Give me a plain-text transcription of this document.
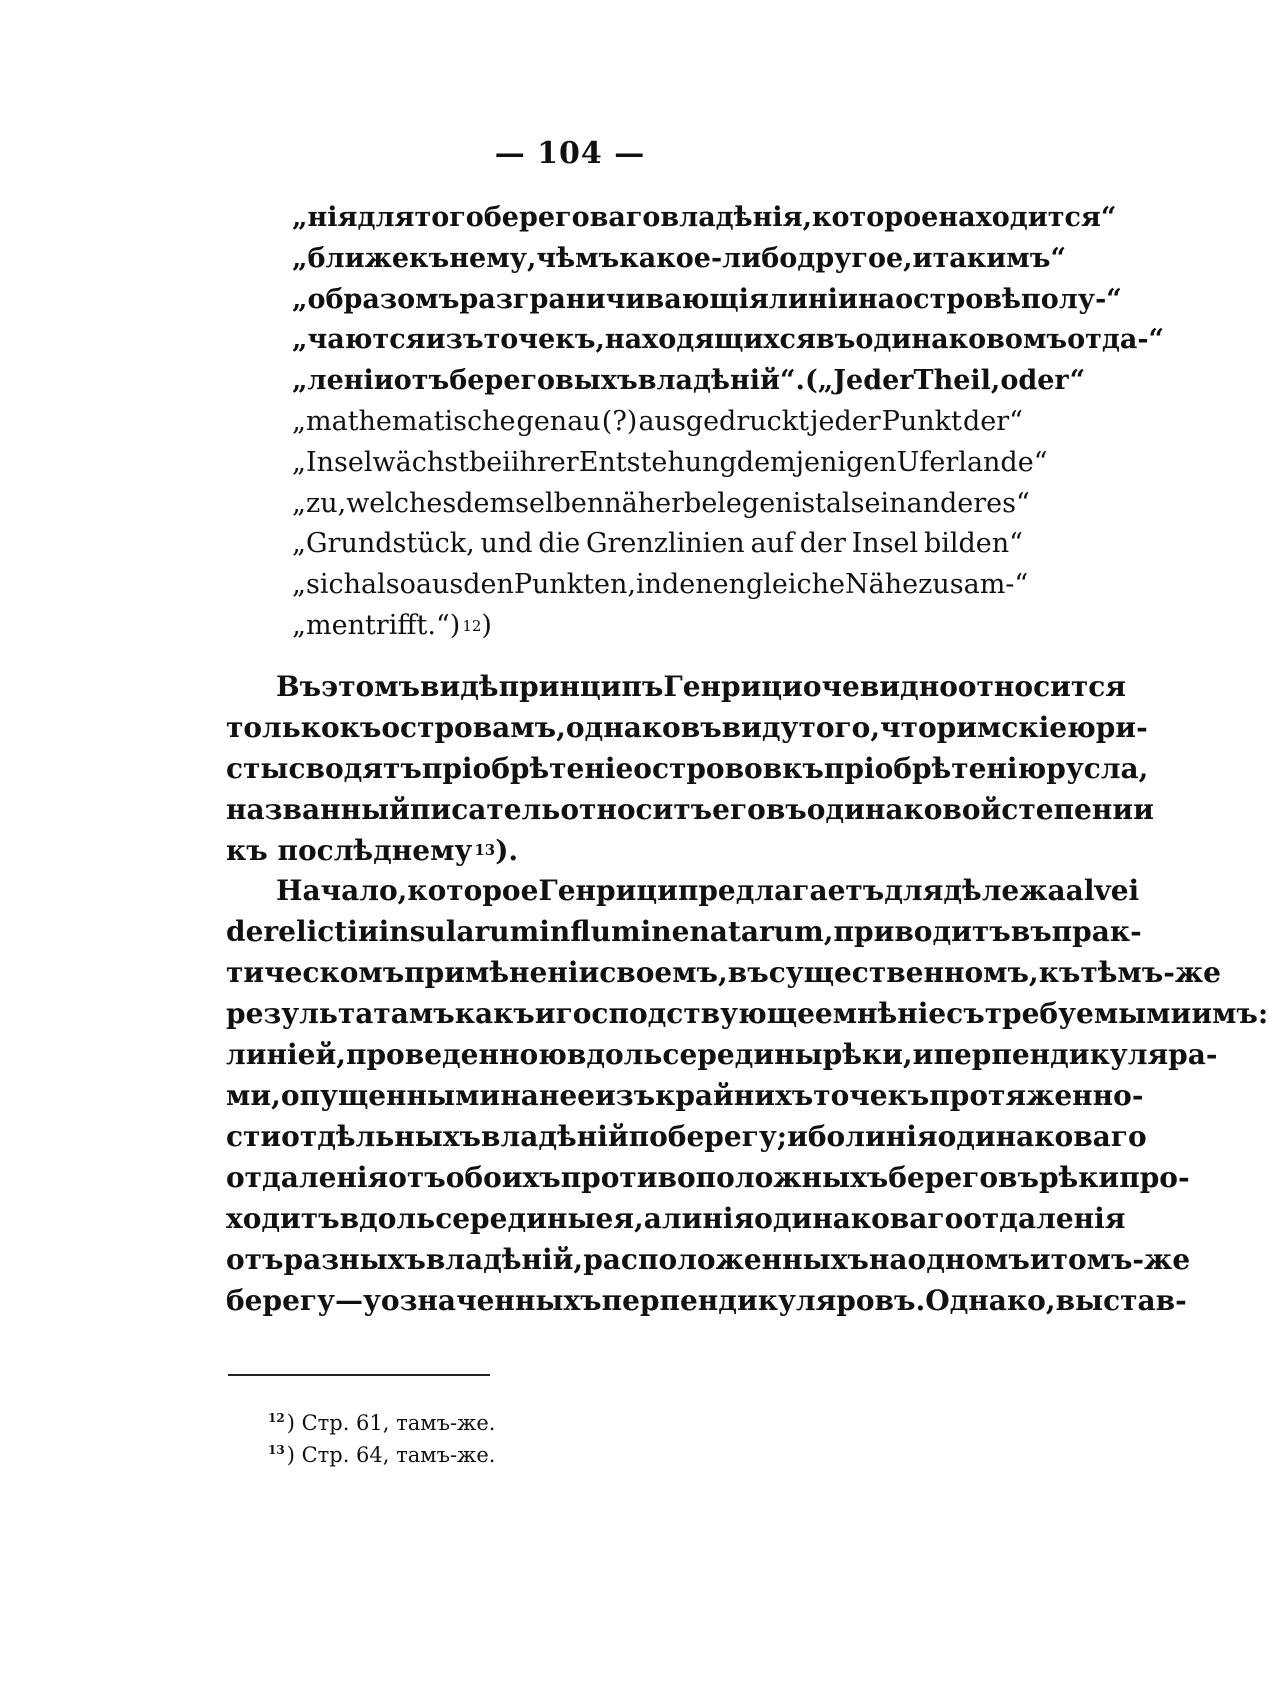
— 104 —
„нія для того береговаго владѣнія, которое находится“
„ближе къ нему, чѣмъ какое-либо другое, и такимъ“
„образомъ разграничивающія линіи на островѣ полу-“
„чаются изъ точекъ, находящихся въ одинаковомъ отда-“
„леніи отъ береговыхъ владѣній“. („Jeder Theil, oder“
„mathematische genau (?) ausgedruckt jeder Punkt der“
„Insel wächst bei ihrer Entstehung demjenigen Uferlande“
„zu, welches demselben näher belegen ist als ein anderes“
„Grundstück, und die Grenzlinien auf der Insel bilden“
„sich also aus den Punkten, in denen gleiche Nähe zusam-“
„mentrifft.“) 12 )
Въ этомъ видѣ принципъ Генрици очевидно относится
только къ островамъ, однако въ виду того, что римскіе юри-
сты сводятъ пріобрѣтеніе островов къ пріобрѣтенію русла,
названный писатель относитъ его въ одинаковой степени и
къ послѣднему 13 ).
Начало, которое Генрици предлагаетъ для дѣлежа alvei
derelicti и insularum in flumine natarum, приводитъ въ прак-
тическомъ примѣненіи своемъ, въ существенномъ, къ тѣмъ-же
результатамъ какъ и господствующее мнѣніе съ требуемыми имъ:
линіей, проведенною вдоль середины рѣки, и перпендикуляра-
ми, опущенными на нее изъ крайнихъ точекъ протяженно-
сти отдѣльныхъ владѣній по берегу; ибо линія одинаковаго
отдаленія отъ обоихъ противоположныхъ береговъ рѣки про-
ходитъ вдоль середины ея, а линія одинаковаго отдаленія
отъ разныхъ владѣній, расположенныхъ на одномъ и томъ-же
берегу—у означенныхъ перпендикуляровъ. Однако, выстав-
$^{12}$) Стр. 61, тамъ-же.
$^{13}$) Стр. 64, тамъ-же.
